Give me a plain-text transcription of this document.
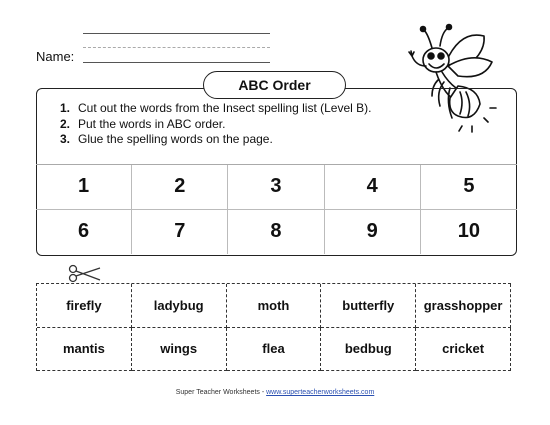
Name:
ABC Order
1. Cut out the words from the Insect spelling list (Level B).
2. Put the words in ABC order.
3. Glue the spelling words on the page.
1	2	3	4	5
6	7	8	9	10
firefly	ladybug	moth	butterfly	grasshopper
mantis	wings	flea	bedbug	cricket
Super Teacher Worksheets - www.superteacherworksheets.com
